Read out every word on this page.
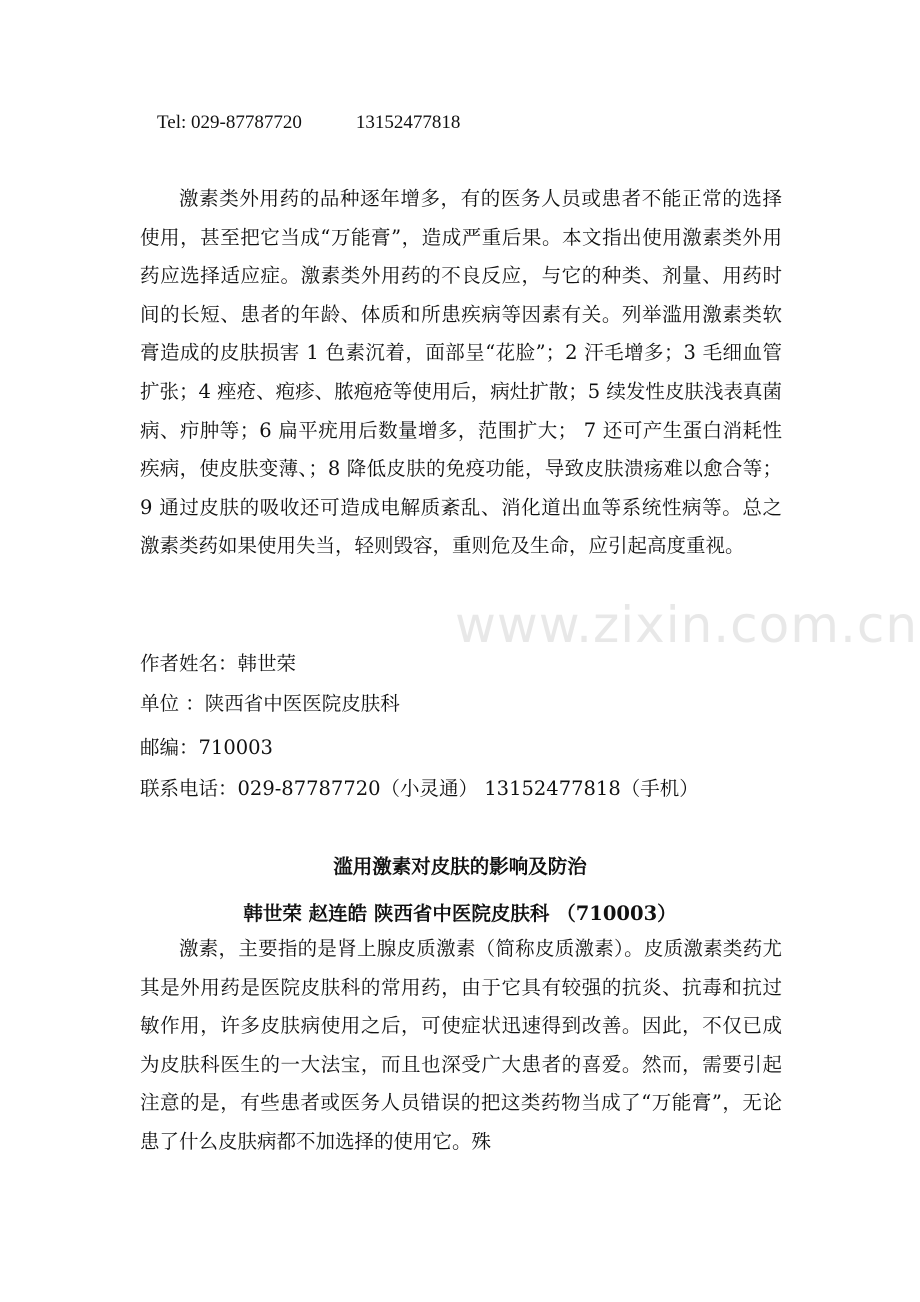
Tel: 029-87787720	13152477818

激素类外用药的品种逐年增多，有的医务人员或患者不能正常的选择使用，甚至把它当成“万能膏”，造成严重后果。本文指出使用激素类外用药应选择适应症。激素类外用药的不良反应，与它的种类、剂量、用药时间的长短、患者的年龄、体质和所患疾病等因素有关。列举滥用激素类软膏造成的皮肤损害 1 色素沉着，面部呈“花脸”；2 汗毛增多；3 毛细血管扩张；4 痤疮、疱疹、脓疱疮等使用后，病灶扩散；5 续发性皮肤浅表真菌病、疖肿等；6 扁平疣用后数量增多，范围扩大； 7 还可产生蛋白消耗性疾病，使皮肤变薄、；8 降低皮肤的免疫功能，导致皮肤溃疡难以愈合等；9 通过皮肤的吸收还可造成电解质紊乱、消化道出血等系统性病等。总之激素类药如果使用失当，轻则毁容，重则危及生命，应引起高度重视。

作者姓名：韩世荣
单位 ：陕西省中医医院皮肤科
邮编：710003
联系电话：029-87787720（小灵通） 13152477818（手机）
滥用激素对皮肤的影响及防治
韩世荣 赵连皓 陕西省中医院皮肤科 （710003）

激素，主要指的是肾上腺皮质激素（简称皮质激素）。皮质激素类药尤其是外用药是医院皮肤科的常用药，由于它具有较强的抗炎、抗毒和抗过敏作用，许多皮肤病使用之后，可使症状迅速得到改善。因此，不仅已成为皮肤科医生的一大法宝，而且也深受广大患者的喜爱。然而，需要引起注意的是，有些患者或医务人员错误的把这类药物当成了“万能膏”，无论患了什么皮肤病都不加选择的使用它。殊

www.zixin.com.cn
